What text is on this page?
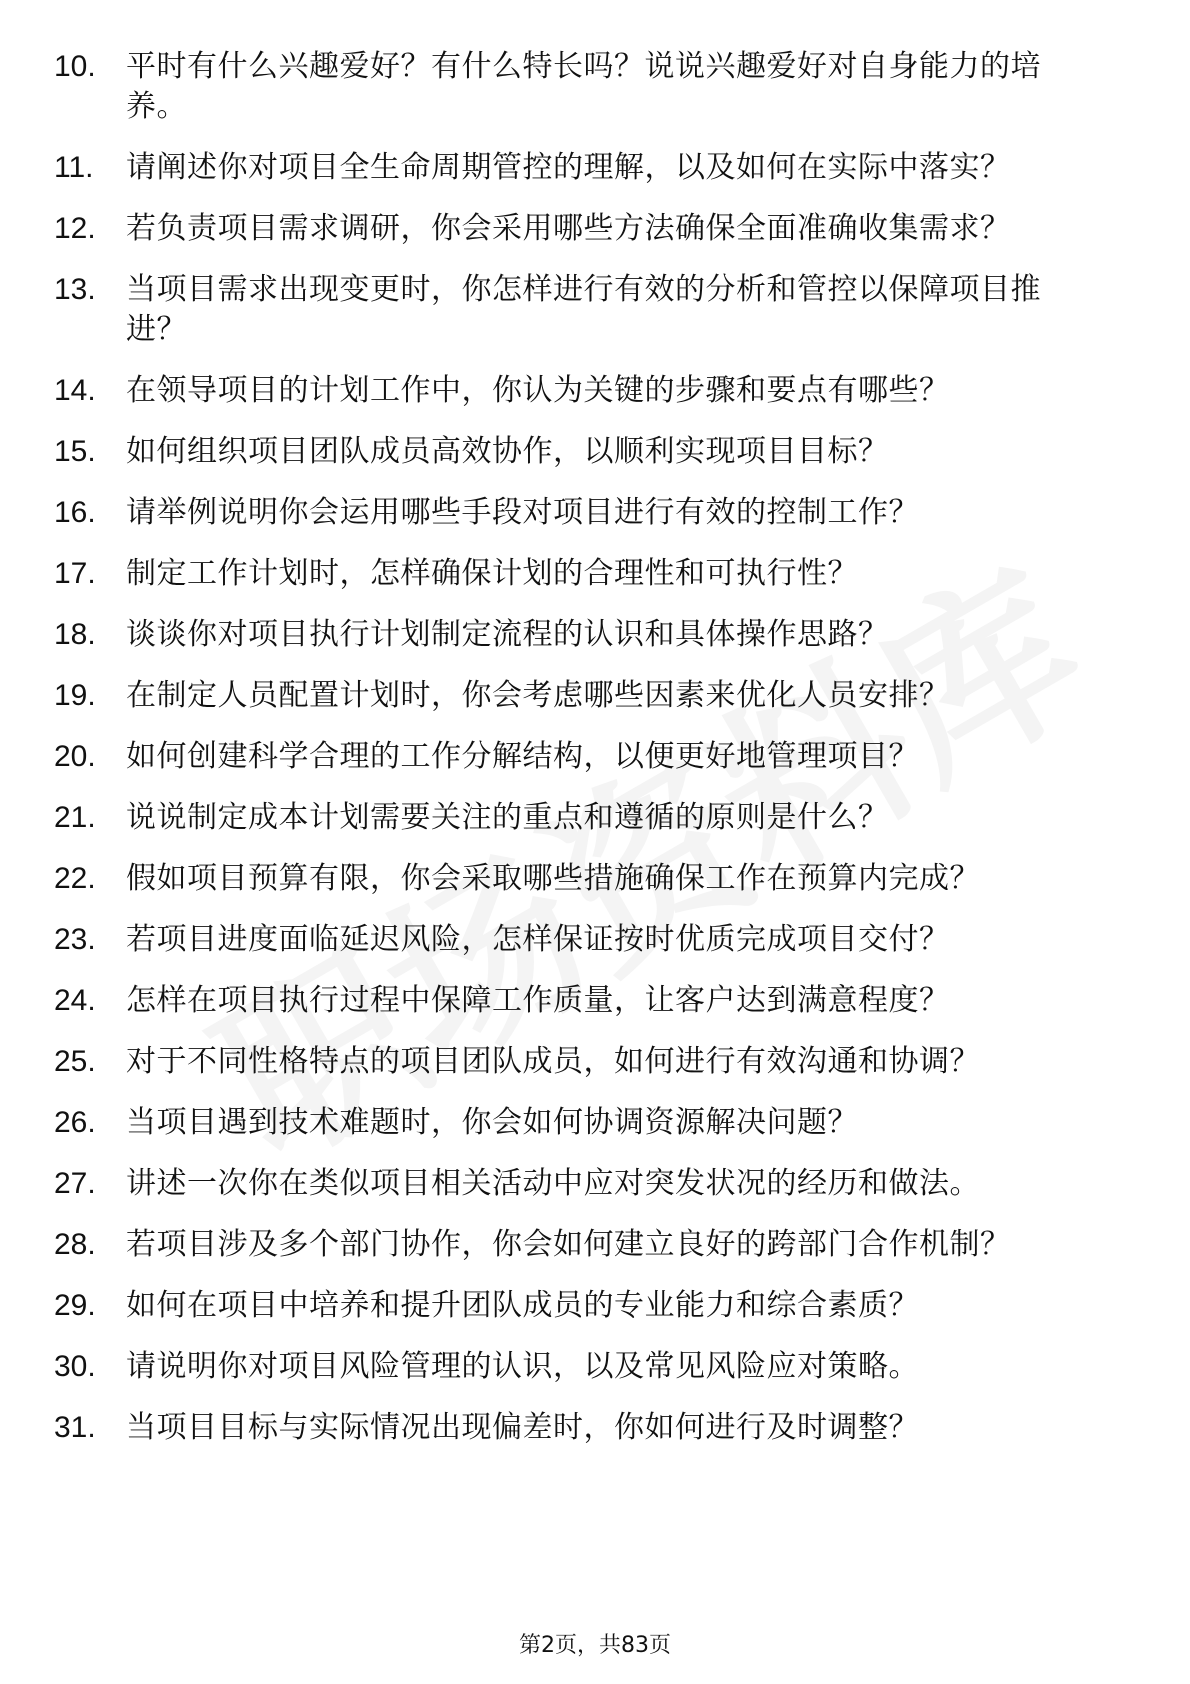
10.	平时有什么兴趣爱好？有什么特长吗？说说兴趣爱好对自身能力的培养。
11.	请阐述你对项目全生命周期管控的理解，以及如何在实际中落实？
12.	若负责项目需求调研，你会采用哪些方法确保全面准确收集需求？
13.	当项目需求出现变更时，你怎样进行有效的分析和管控以保障项目推进？
14.	在领导项目的计划工作中，你认为关键的步骤和要点有哪些？
15.	如何组织项目团队成员高效协作，以顺利实现项目目标？
16.	请举例说明你会运用哪些手段对项目进行有效的控制工作？
17.	制定工作计划时，怎样确保计划的合理性和可执行性？
18.	谈谈你对项目执行计划制定流程的认识和具体操作思路？
19.	在制定人员配置计划时，你会考虑哪些因素来优化人员安排？
20.	如何创建科学合理的工作分解结构，以便更好地管理项目？
21.	说说制定成本计划需要关注的重点和遵循的原则是什么？
22.	假如项目预算有限，你会采取哪些措施确保工作在预算内完成？
23.	若项目进度面临延迟风险，怎样保证按时优质完成项目交付？
24.	怎样在项目执行过程中保障工作质量，让客户达到满意程度？
25.	对于不同性格特点的项目团队成员，如何进行有效沟通和协调？
26.	当项目遇到技术难题时，你会如何协调资源解决问题？
27.	讲述一次你在类似项目相关活动中应对突发状况的经历和做法。
28.	若项目涉及多个部门协作，你会如何建立良好的跨部门合作机制？
29.	如何在项目中培养和提升团队成员的专业能力和综合素质？
30.	请说明你对项目风险管理的认识，以及常见风险应对策略。
31.	当项目目标与实际情况出现偏差时，你如何进行及时调整？
第2页，共83页
